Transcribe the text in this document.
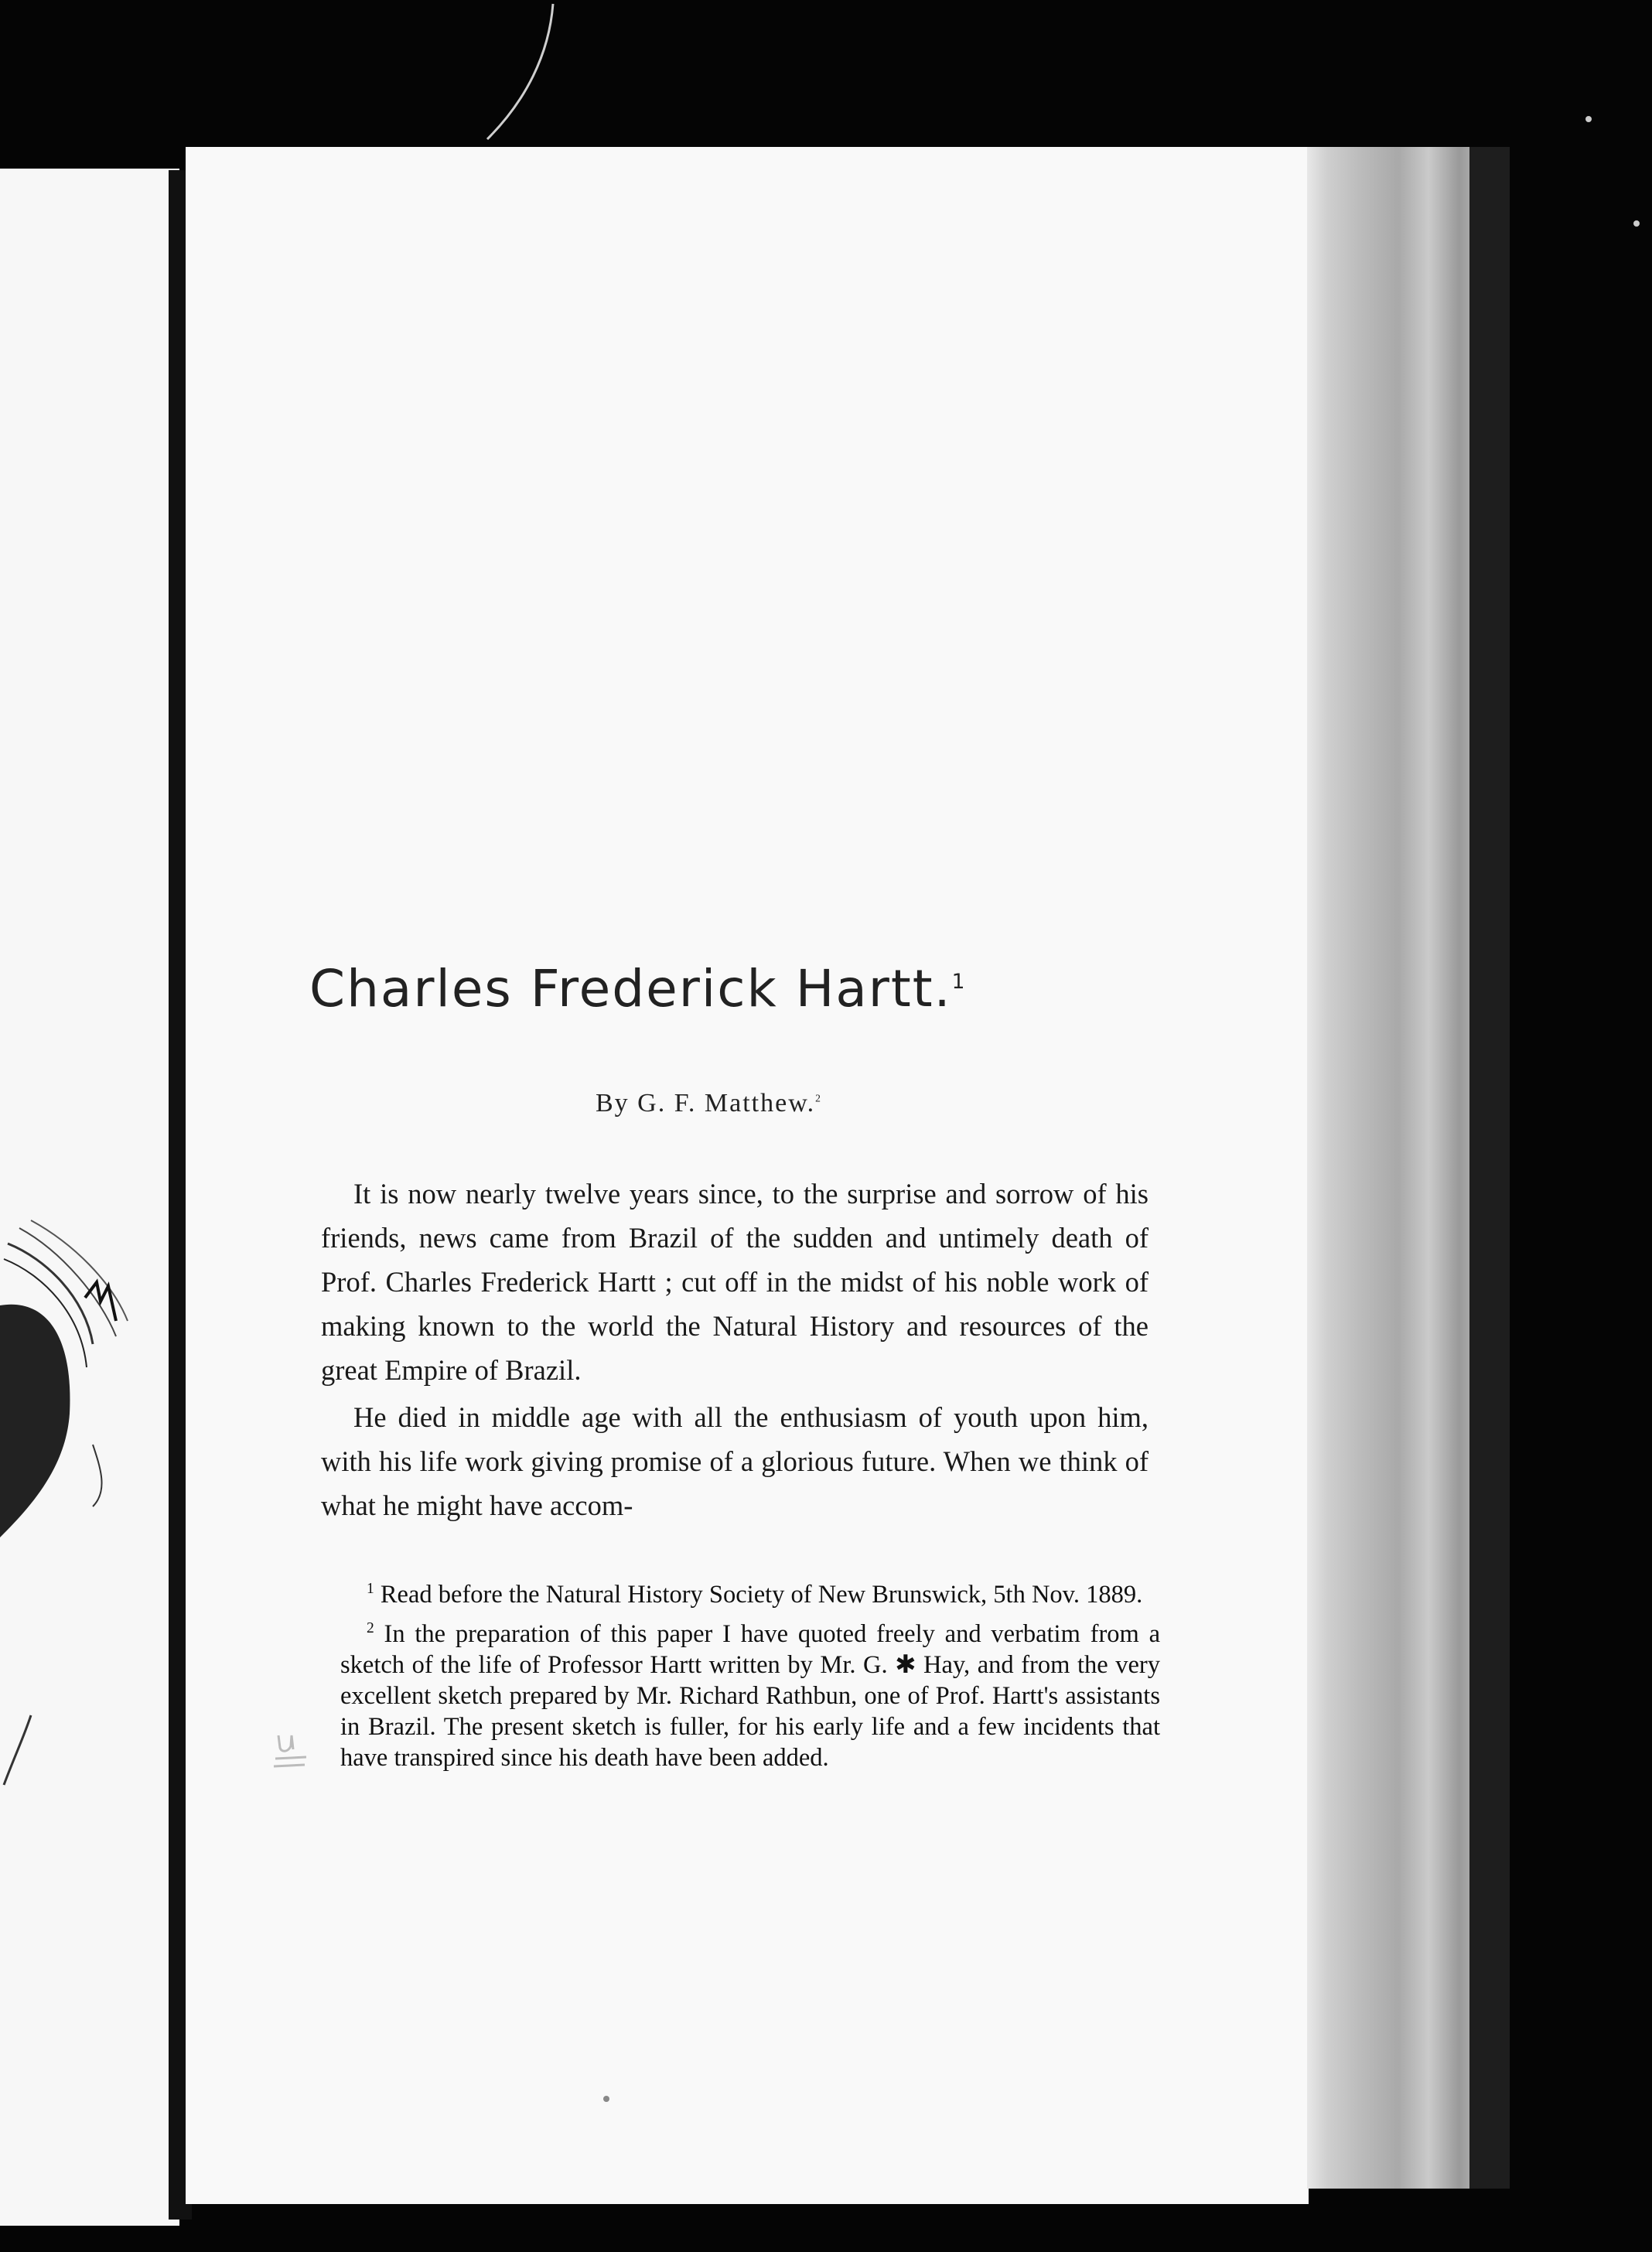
Charles Frederick Hartt.$^1$
By G. F. Matthew.$^2$

It is now nearly twelve years since, to the surprise and sorrow of his friends, news came from Brazil of the sudden and untimely death of Prof. Charles Frederick Hartt ; cut off in the midst of his noble work of making known to the world the Natural History and resources of the great Empire of Brazil.

He died in middle age with all the enthusiasm of youth upon him, with his life work giving promise of a glorious future. When we think of what he might have accom-

$^1$ Read before the Natural History Society of New Brunswick, 5th Nov. 1889.

$^2$ In the preparation of this paper I have quoted freely and verbatim from a sketch of the life of Professor Hartt written by Mr. G. ✱ Hay, and from the very excellent sketch prepared by Mr. Richard Rathbun, one of Prof. Hartt's assistants in Brazil. The present sketch is fuller, for his early life and a few incidents that have transpired since his death have been added.
